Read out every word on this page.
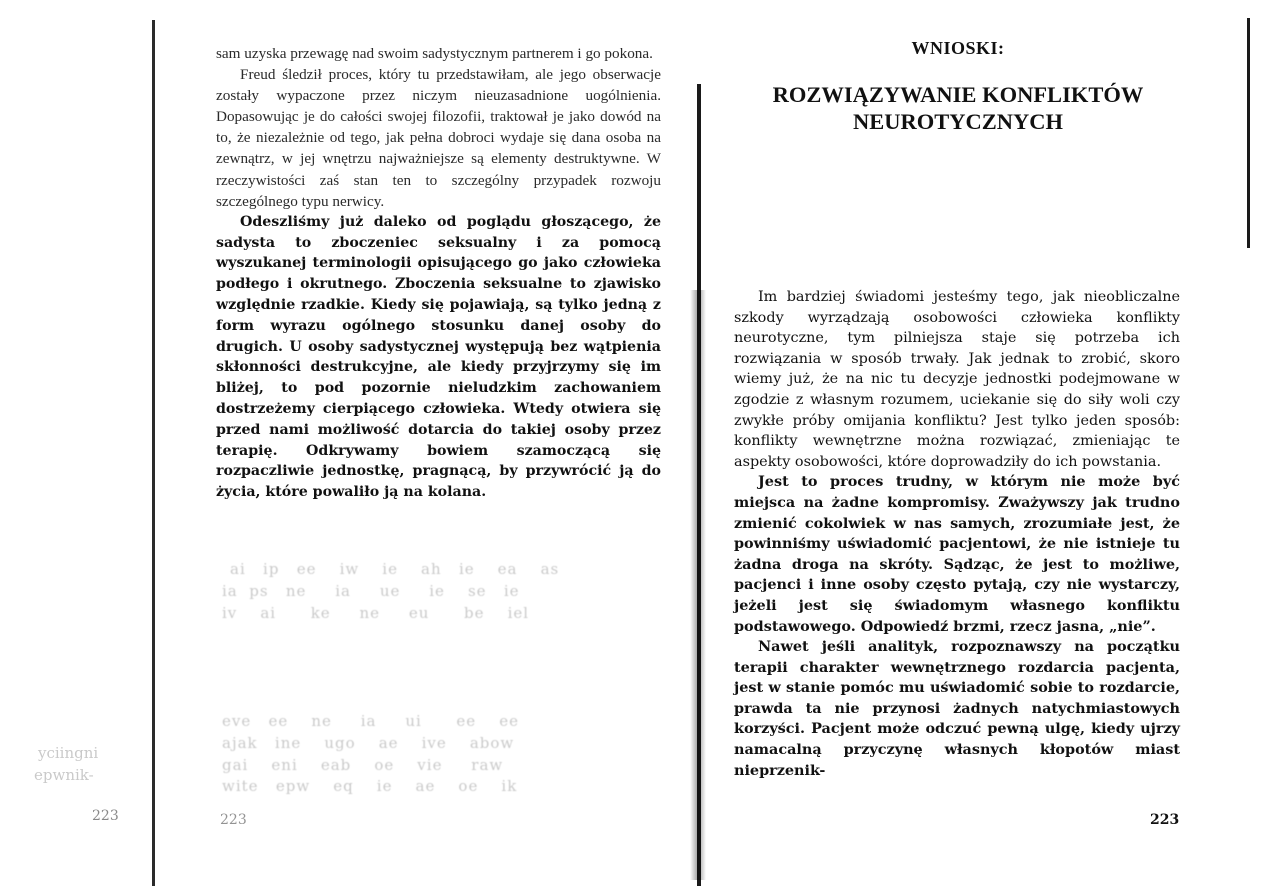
ai   ip   ee    iw    ie    ah   ie    ea    as
ia  ps   ne     ia     ue     ie    se   ie
iv    ai      ke     ne     eu      be    iel
eve   ee    ne     ia     ui      ee    ee
ajak   ine    ugo    ae    ive    abow
gai    eni    eab    oe    vie     raw
wite   epw    eq    ie    ae    oe    ik
yciingni
epwnik-
223	223

sam uzyska przewagę nad swoim sadystycznym partnerem i go pokona.

Freud śledził proces, który tu przedstawiłam, ale jego obserwacje zostały wypaczone przez niczym nieuzasadnione uogólnienia. Dopasowując je do całości swojej filozofii, traktował je jako dowód na to, że niezależnie od tego, jak pełna dobroci wydaje się dana osoba na zewnątrz, w jej wnętrzu najważniejsze są elementy destruktywne. W rzeczywistości zaś stan ten to szczególny przypadek rozwoju szczególnego typu nerwicy.

Odeszliśmy już daleko od poglądu głoszącego, że sadysta to zboczeniec seksualny i za pomocą wyszukanej terminologii opisującego go jako człowieka podłego i okrutnego. Zboczenia seksualne to zjawisko względnie rzadkie. Kiedy się pojawiają, są tylko jedną z form wyrazu ogólnego stosunku danej osoby do drugich. U osoby sadystycznej występują bez wątpienia skłonności destrukcyjne, ale kiedy przyjrzymy się im bliżej, to pod pozornie nieludzkim zachowaniem dostrzeżemy cierpiącego człowieka. Wtedy otwiera się przed nami możliwość dotarcia do takiej osoby przez terapię. Odkrywamy bowiem szamoczącą się rozpaczliwie jednostkę, pragnącą, by przywrócić ją do życia, które powaliło ją na kolana.

WNIOSKI:

ROZWIĄZYWANIE KONFLIKTÓW
NEUROTYCZNYCH

Im bardziej świadomi jesteśmy tego, jak nieobliczalne szkody wyrządzają osobowości człowieka konflikty neurotyczne, tym pilniejsza staje się potrzeba ich rozwiązania w sposób trwały. Jak jednak to zrobić, skoro wiemy już, że na nic tu decyzje jednostki podejmowane w zgodzie z własnym rozumem, uciekanie się do siły woli czy zwykłe próby omijania konfliktu? Jest tylko jeden sposób: konflikty wewnętrzne można rozwiązać, zmieniając te aspekty osobowości, które doprowadziły do ich powstania.

Jest to proces trudny, w którym nie może być miejsca na żadne kompromisy. Zważywszy jak trudno zmienić cokolwiek w nas samych, zrozumiałe jest, że powinniśmy uświadomić pacjentowi, że nie istnieje tu żadna droga na skróty. Sądząc, że jest to możliwe, pacjenci i inne osoby często pytają, czy nie wystarczy, jeżeli jest się świadomym własnego konfliktu podstawowego. Odpowiedź brzmi, rzecz jasna, „nie”.

Nawet jeśli analityk, rozpoznawszy na początku terapii charakter wewnętrznego rozdarcia pacjenta, jest w stanie pomóc mu uświadomić sobie to rozdarcie, prawda ta nie przynosi żadnych natychmiastowych korzyści. Pacjent może odczuć pewną ulgę, kiedy ujrzy namacalną przyczynę własnych kłopotów miast nieprzenik-

223
